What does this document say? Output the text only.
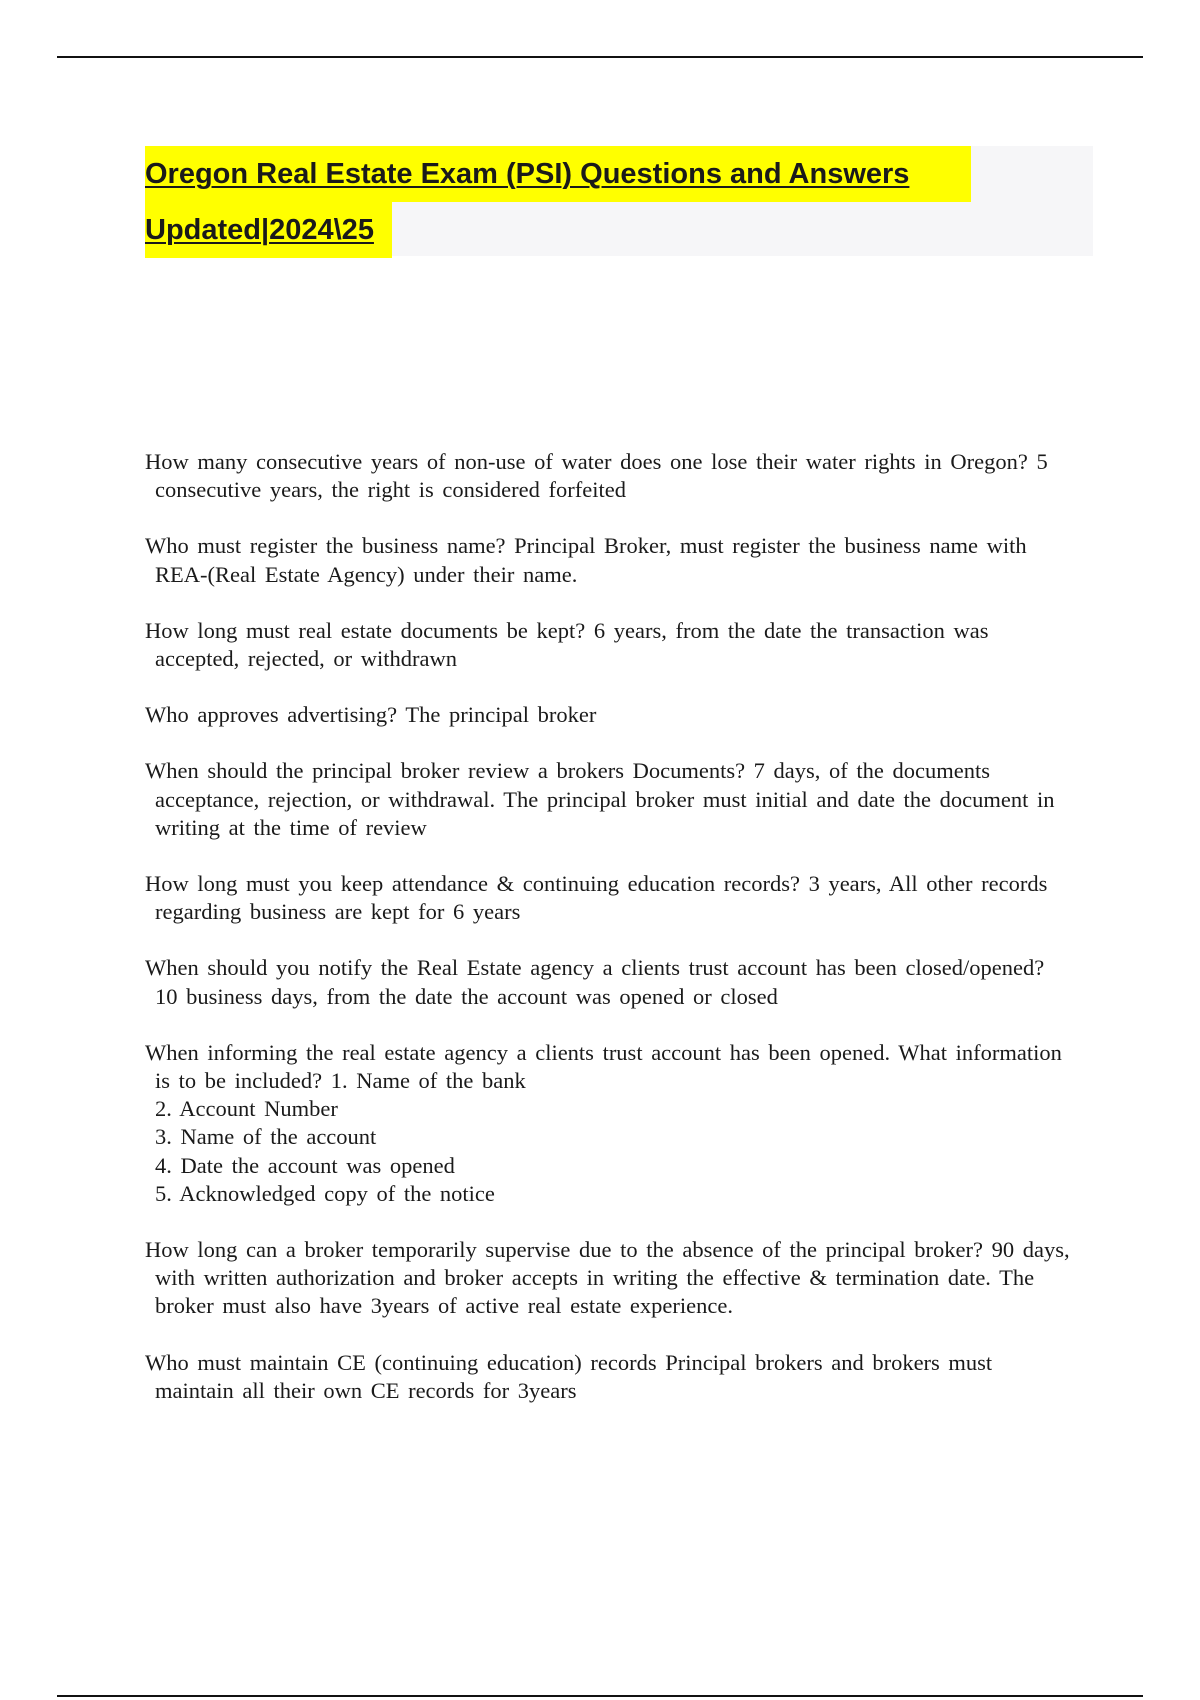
Oregon Real Estate Exam (PSI) Questions and Answers
Updated|2024\25

How many consecutive years of non-use of water does one lose their water rights in Oregon? 5 consecutive years, the right is considered forfeited

Who must register the business name? Principal Broker, must register the business name with REA-(Real Estate Agency) under their name.

How long must real estate documents be kept? 6 years, from the date the transaction was accepted, rejected, or withdrawn

Who approves advertising? The principal broker

When should the principal broker review a brokers Documents? 7 days, of the documents acceptance, rejection, or withdrawal. The principal broker must initial and date the document in writing at the time of review

How long must you keep attendance & continuing education records? 3 years, All other records regarding business are kept for 6 years

When should you notify the Real Estate agency a clients trust account has been closed/opened? 10 business days, from the date the account was opened or closed

When informing the real estate agency a clients trust account has been opened. What information is to be included? 1. Name of the bank
2. Account Number
3. Name of the account
4. Date the account was opened
5. Acknowledged copy of the notice

How long can a broker temporarily supervise due to the absence of the principal broker? 90 days, with written authorization and broker accepts in writing the effective & termination date. The broker must also have 3years of active real estate experience.

Who must maintain CE (continuing education) records Principal brokers and brokers must maintain all their own CE records for 3years
